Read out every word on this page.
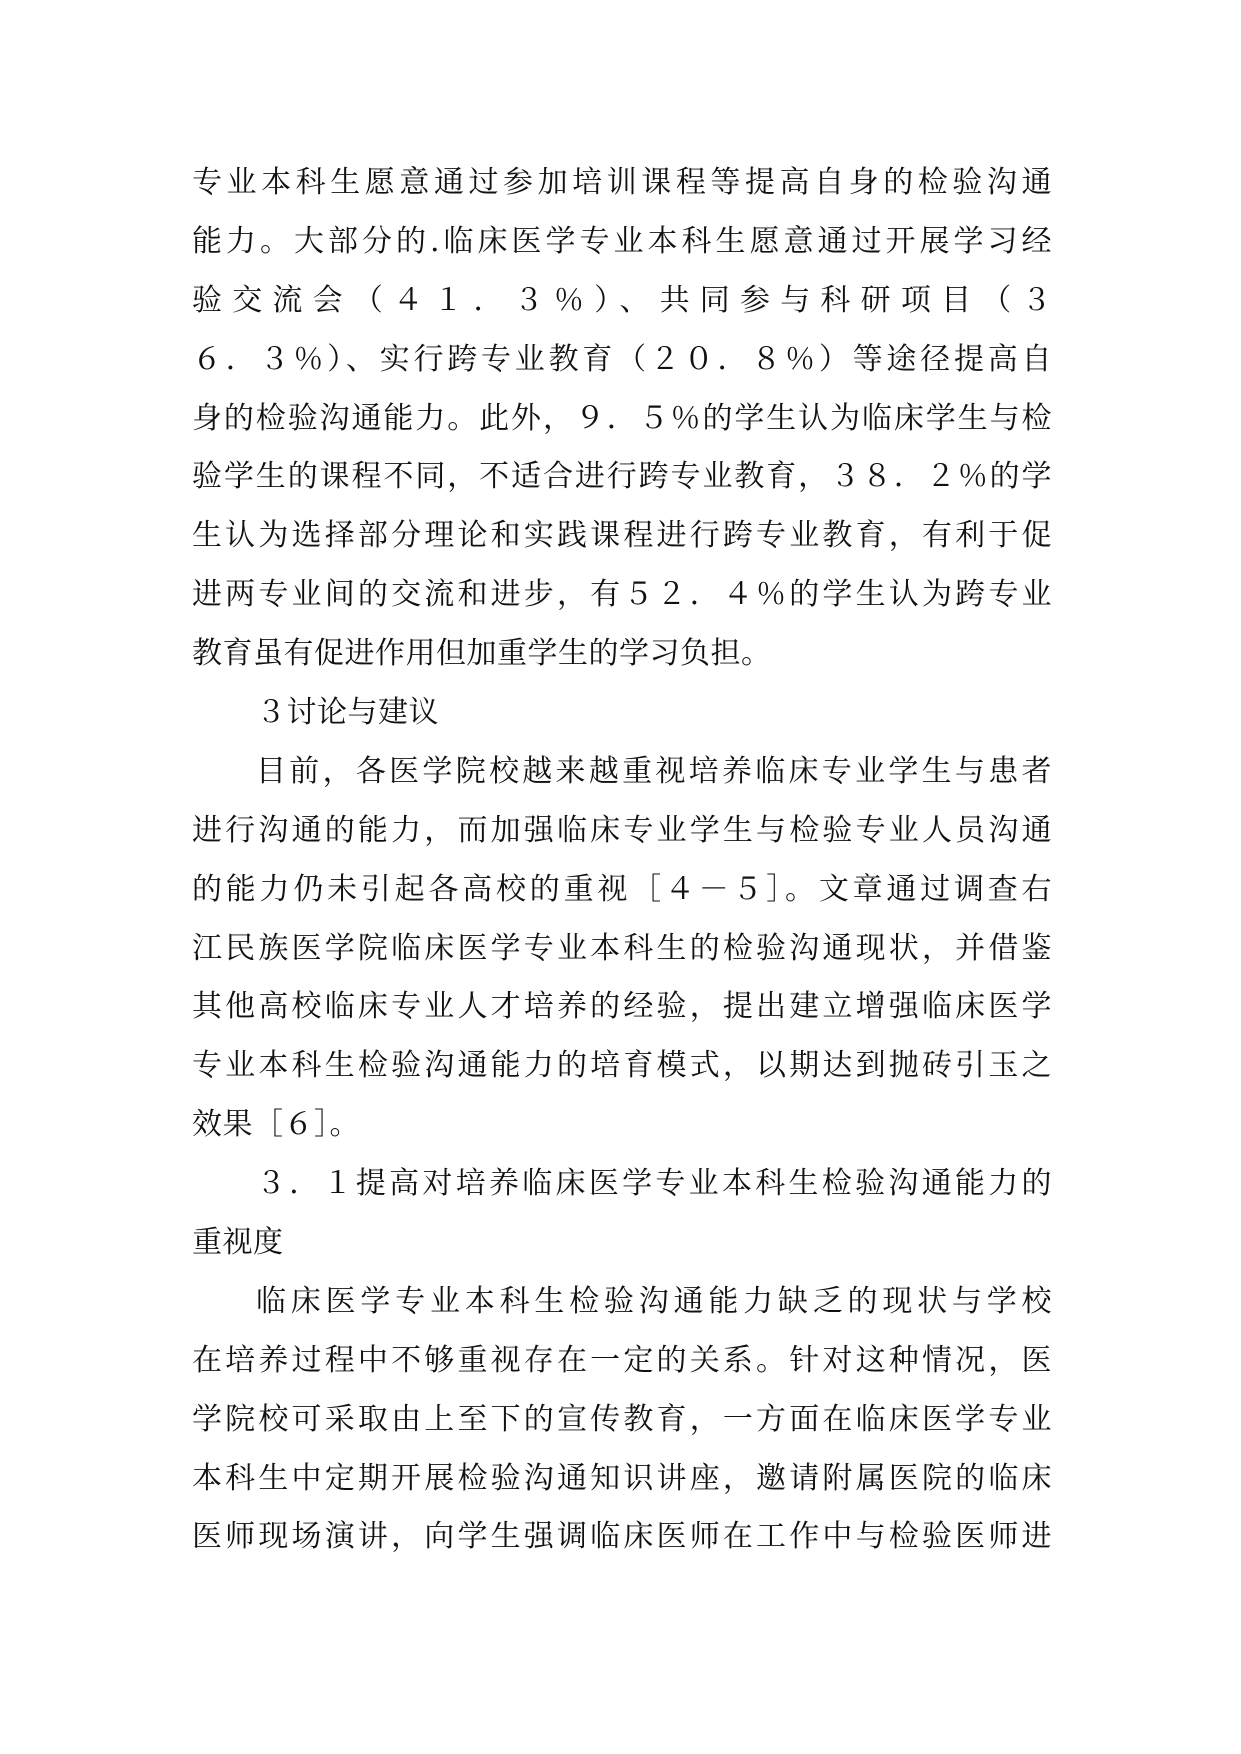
专业本科生愿意通过参加培训课程等提高自身的检验沟通
能力。大部分的.临床医学专业本科生愿意通过开展学习经
验交流会（４１．３％）、共同参与科研项目（３
６．３％）、实行跨专业教育（２０．８％）等途径提高自
身的检验沟通能力。此外，９．５％的学生认为临床学生与检
验学生的课程不同，不适合进行跨专业教育，３８．２％的学
生认为选择部分理论和实践课程进行跨专业教育，有利于促
进两专业间的交流和进步，有５２．４％的学生认为跨专业
教育虽有促进作用但加重学生的学习负担。
３讨论与建议
目前，各医学院校越来越重视培养临床专业学生与患者
进行沟通的能力，而加强临床专业学生与检验专业人员沟通
的能力仍未引起各高校的重视［４－５］。文章通过调查右
江民族医学院临床医学专业本科生的检验沟通现状，并借鉴
其他高校临床专业人才培养的经验，提出建立增强临床医学
专业本科生检验沟通能力的培育模式，以期达到抛砖引玉之
效果［６］。
３．１提高对培养临床医学专业本科生检验沟通能力的
重视度
临床医学专业本科生检验沟通能力缺乏的现状与学校
在培养过程中不够重视存在一定的关系。针对这种情况，医
学院校可采取由上至下的宣传教育，一方面在临床医学专业
本科生中定期开展检验沟通知识讲座，邀请附属医院的临床
医师现场演讲，向学生强调临床医师在工作中与检验医师进
